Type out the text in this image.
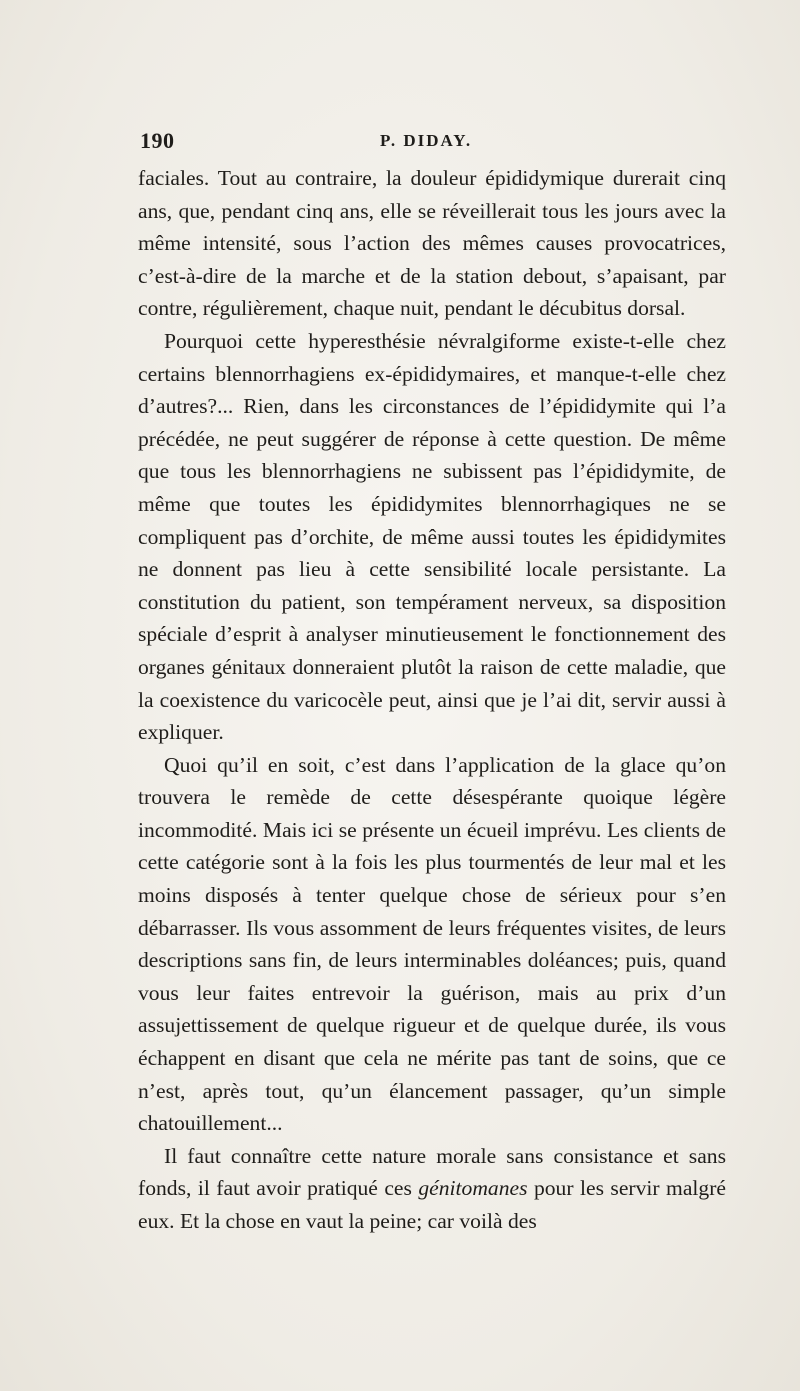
190	P. DIDAY.

faciales. Tout au contraire, la douleur épididymique durerait cinq ans, que, pendant cinq ans, elle se réveillerait tous les jours avec la même intensité, sous l’action des mêmes causes provocatrices, c’est-à-dire de la marche et de la station debout, s’apaisant, par contre, régulièrement, chaque nuit, pendant le décubitus dorsal.

Pourquoi cette hyperesthésie névralgiforme existe-t-elle chez certains blennorrhagiens ex-épididymaires, et manque-t-elle chez d’autres?... Rien, dans les circonstances de l’épididymite qui l’a précédée, ne peut suggérer de réponse à cette question. De même que tous les blennorrhagiens ne subissent pas l’épididymite, de même que toutes les épididymites blennorrhagiques ne se compliquent pas d’orchite, de même aussi toutes les épididymites ne donnent pas lieu à cette sensibilité locale persistante. La constitution du patient, son tempérament nerveux, sa disposition spéciale d’esprit à analyser minutieusement le fonctionnement des organes génitaux donneraient plutôt la raison de cette maladie, que la coexistence du varicocèle peut, ainsi que je l’ai dit, servir aussi à expliquer.

Quoi qu’il en soit, c’est dans l’application de la glace qu’on trouvera le remède de cette désespérante quoique légère incommodité. Mais ici se présente un écueil imprévu. Les clients de cette catégorie sont à la fois les plus tourmentés de leur mal et les moins disposés à tenter quelque chose de sérieux pour s’en débarrasser. Ils vous assomment de leurs fréquentes visites, de leurs descriptions sans fin, de leurs interminables doléances; puis, quand vous leur faites entrevoir la guérison, mais au prix d’un assujettissement de quelque rigueur et de quelque durée, ils vous échappent en disant que cela ne mérite pas tant de soins, que ce n’est, après tout, qu’un élancement passager, qu’un simple chatouillement...

Il faut connaître cette nature morale sans consistance et sans fonds, il faut avoir pratiqué ces génitomanes pour les servir malgré eux. Et la chose en vaut la peine; car voilà des
